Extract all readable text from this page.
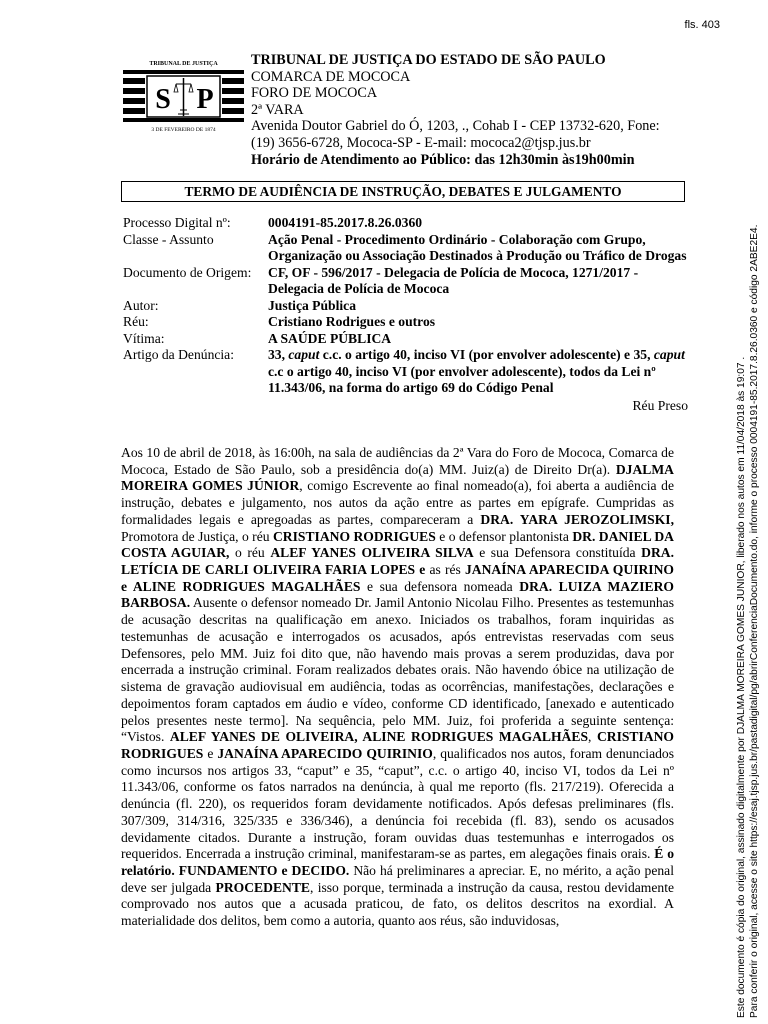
fls. 403
TRIBUNAL DE JUSTIÇA
S P
3 DE FEVEREIRO DE 1874
TRIBUNAL DE JUSTIÇA DO ESTADO DE SÃO PAULO
COMARCA DE MOCOCA
FORO DE MOCOCA
2ª VARA
Avenida Doutor Gabriel do Ó, 1203, ., Cohab I - CEP 13732-620, Fone:
(19) 3656-6728, Mococa-SP - E-mail: mococa2@tjsp.jus.br
Horário de Atendimento ao Público: das 12h30min às19h00min
TERMO DE AUDIÊNCIA DE INSTRUÇÃO, DEBATES E JULGAMENTO
Processo Digital nº:	0004191-85.2017.8.26.0360
Classe - Assunto	Ação Penal - Procedimento Ordinário - Colaboração com Grupo, Organização ou Associação Destinados à Produção ou Tráfico de Drogas
Documento de Origem:	CF, OF - 596/2017 - Delegacia de Polícia de Mococa, 1271/2017 - Delegacia de Polícia de Mococa
Autor:	Justiça Pública
Réu:	Cristiano Rodrigues e outros
Vítima:	A SAÚDE PÚBLICA
Artigo da Denúncia:	33, caput c.c. o artigo 40, inciso VI (por envolver adolescente) e 35, caput c.c o artigo 40, inciso VI (por envolver adolescente), todos da Lei nº 11.343/06, na forma do artigo 69 do Código Penal
Réu Preso
Aos 10 de abril de 2018, às 16:00h, na sala de audiências da 2ª Vara do Foro de Mococa, Comarca de Mococa, Estado de São Paulo, sob a presidência do(a) MM. Juiz(a) de Direito Dr(a). DJALMA MOREIRA GOMES JÚNIOR, comigo Escrevente ao final nomeado(a), foi aberta a audiência de instrução, debates e julgamento, nos autos da ação entre as partes em epígrafe. Cumpridas as formalidades legais e apregoadas as partes, compareceram a DRA. YARA JEROZOLIMSKI, Promotora de Justiça, o réu CRISTIANO RODRIGUES e o defensor plantonista DR. DANIEL DA COSTA AGUIAR, o réu ALEF YANES OLIVEIRA SILVA e sua Defensora constituída DRA. LETÍCIA DE CARLI OLIVEIRA FARIA LOPES e as rés JANAÍNA APARECIDA QUIRINO e ALINE RODRIGUES MAGALHÃES e sua defensora nomeada DRA. LUIZA MAZIERO BARBOSA. Ausente o defensor nomeado Dr. Jamil Antonio Nicolau Filho. Presentes as testemunhas de acusação descritas na qualificação em anexo. Iniciados os trabalhos, foram inquiridas as testemunhas de acusação e interrogados os acusados, após entrevistas reservadas com seus Defensores, pelo MM. Juiz foi dito que, não havendo mais provas a serem produzidas, dava por encerrada a instrução criminal. Foram realizados debates orais. Não havendo óbice na utilização de sistema de gravação audiovisual em audiência, todas as ocorrências, manifestações, declarações e depoimentos foram captados em áudio e vídeo, conforme CD identificado, [anexado e autenticado pelos presentes neste termo]. Na sequência, pelo MM. Juiz, foi proferida a seguinte sentença: “Vistos. ALEF YANES DE OLIVEIRA, ALINE RODRIGUES MAGALHÃES, CRISTIANO RODRIGUES e JANAÍNA APARECIDO QUIRINIO, qualificados nos autos, foram denunciados como incursos nos artigos 33, “caput” e 35, “caput”, c.c. o artigo 40, inciso VI, todos da Lei nº 11.343/06, conforme os fatos narrados na denúncia, à qual me reporto (fls. 217/219). Oferecida a denúncia (fl. 220), os requeridos foram devidamente notificados. Após defesas preliminares (fls. 307/309, 314/316, 325/335 e 336/346), a denúncia foi recebida (fl. 83), sendo os acusados devidamente citados. Durante a instrução, foram ouvidas duas testemunhas e interrogados os requeridos. Encerrada a instrução criminal, manifestaram-se as partes, em alegações finais orais. É o relatório. FUNDAMENTO e DECIDO. Não há preliminares a apreciar. E, no mérito, a ação penal deve ser julgada PROCEDENTE, isso porque, terminada a instrução da causa, restou devidamente comprovado nos autos que a acusada praticou, de fato, os delitos descritos na exordial. A materialidade dos delitos, bem como a autoria, quanto aos réus, são induvidosas,	Este documento é cópia do original, assinado digitalmente por DJALMA MOREIRA GOMES JUNIOR, liberado nos autos em 11/04/2018 às 19:07 . Para conferir o original, acesse o site https://esaj.tjsp.jus.br/pastadigital/pg/abrirConferenciaDocumento.do, informe o processo 0004191-85.2017.8.26.0360 e código 2ABE2E4.
